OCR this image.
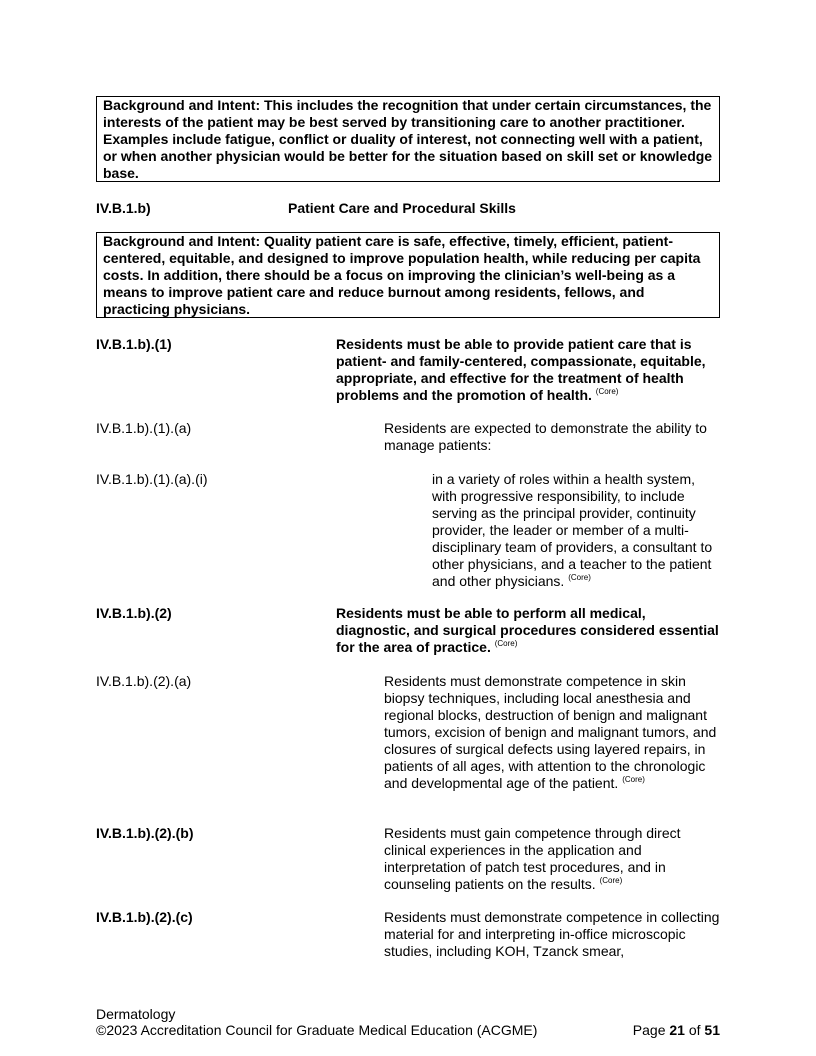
Background and Intent: This includes the recognition that under certain circumstances, the interests of the patient may be best served by transitioning care to another practitioner. Examples include fatigue, conflict or duality of interest, not connecting well with a patient, or when another physician would be better for the situation based on skill set or knowledge base.
IV.B.1.b)	Patient Care and Procedural Skills
Background and Intent: Quality patient care is safe, effective, timely, efficient, patient-centered, equitable, and designed to improve population health, while reducing per capita costs. In addition, there should be a focus on improving the clinician’s well-being as a means to improve patient care and reduce burnout among residents, fellows, and practicing physicians.
IV.B.1.b).(1)	Residents must be able to provide patient care that is patient- and family-centered, compassionate, equitable, appropriate, and effective for the treatment of health problems and the promotion of health. $^{(Core)}$
IV.B.1.b).(1).(a)	Residents are expected to demonstrate the ability to manage patients:
IV.B.1.b).(1).(a).(i)	in a variety of roles within a health system, with progressive responsibility, to include serving as the principal provider, continuity provider, the leader or member of a multi-disciplinary team of providers, a consultant to other physicians, and a teacher to the patient and other physicians. $^{(Core)}$
IV.B.1.b).(2)	Residents must be able to perform all medical, diagnostic, and surgical procedures considered essential for the area of practice. $^{(Core)}$
IV.B.1.b).(2).(a)	Residents must demonstrate competence in skin biopsy techniques, including local anesthesia and regional blocks, destruction of benign and malignant tumors, excision of benign and malignant tumors, and closures of surgical defects using layered repairs, in patients of all ages, with attention to the chronologic and developmental age of the patient. $^{(Core)}$
IV.B.1.b).(2).(b)	Residents must gain competence through direct clinical experiences in the application and interpretation of patch test procedures, and in counseling patients on the results. $^{(Core)}$
IV.B.1.b).(2).(c)	Residents must demonstrate competence in collecting material for and interpreting in-office microscopic studies, including KOH, Tzanck smear,
Dermatology
©2023 Accreditation Council for Graduate Medical Education (ACGME)	Page 21 of 51
